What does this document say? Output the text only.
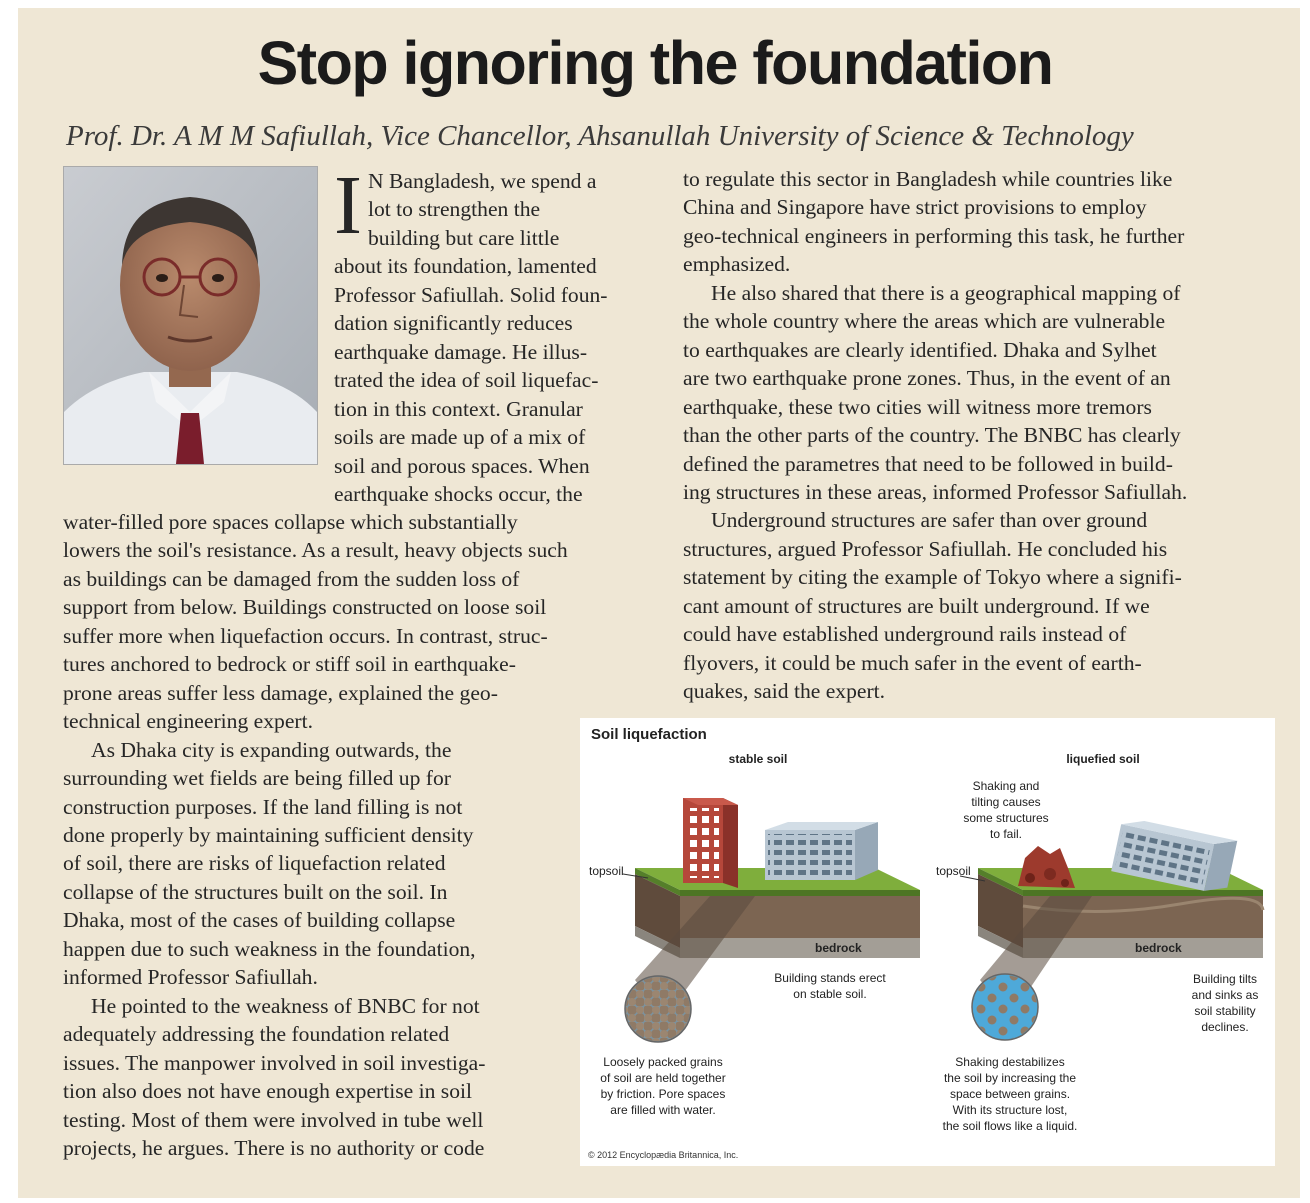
Stop ignoring the foundation

Prof. Dr. A M M Safiullah, Vice Chancellor, Ahsanullah University of Science & Technology

I N Bangladesh, we spend a
lot to strengthen the
building but care little
about its foundation, lamented
Professor Safiullah. Solid foun-
dation significantly reduces
earthquake damage. He illus-
trated the idea of soil liquefac-
tion in this context. Granular
soils are made up of a mix of
soil and porous spaces. When
earthquake shocks occur, the
water-filled pore spaces collapse which substantially
lowers the soil's resistance. As a result, heavy objects such
as buildings can be damaged from the sudden loss of
support from below. Buildings constructed on loose soil
suffer more when liquefaction occurs. In contrast, struc-
tures anchored to bedrock or stiff soil in earthquake-
prone areas suffer less damage, explained the geo-
technical engineering expert.
As Dhaka city is expanding outwards, the
surrounding wet fields are being filled up for
construction purposes. If the land filling is not
done properly by maintaining sufficient density
of soil, there are risks of liquefaction related
collapse of the structures built on the soil. In
Dhaka, most of the cases of building collapse
happen due to such weakness in the foundation,
informed Professor Safiullah.
He pointed to the weakness of BNBC for not
adequately addressing the foundation related
issues. The manpower involved in soil investiga-
tion also does not have enough expertise in soil
testing. Most of them were involved in tube well
projects, he argues. There is no authority or code
to regulate this sector in Bangladesh while countries like
China and Singapore have strict provisions to employ
geo-technical engineers in performing this task, he further
emphasized.
He also shared that there is a geographical mapping of
the whole country where the areas which are vulnerable
to earthquakes are clearly identified. Dhaka and Sylhet
are two earthquake prone zones. Thus, in the event of an
earthquake, these two cities will witness more tremors
than the other parts of the country. The BNBC has clearly
defined the parametres that need to be followed in build-
ing structures in these areas, informed Professor Safiullah.
Underground structures are safer than over ground
structures, argued Professor Safiullah. He concluded his
statement by citing the example of Tokyo where a signifi-
cant amount of structures are built underground. If we
could have established underground rails instead of
flyovers, it could be much safer in the event of earth-
quakes, said the expert.
Soil liquefaction
stable soil	liquefied soil
bedrock
topsoil
bedrock
topsoil
Shaking and
tilting causes
some structures
to fail.
Building stands erect
on stable soil.
Building tilts
and sinks as
soil stability
declines.
Loosely packed grains
of soil are held together
by friction. Pore spaces
are filled with water.
Shaking destabilizes
the soil by increasing the
space between grains.
With its structure lost,
the soil flows like a liquid.
© 2012 Encyclopædia Britannica, Inc.
